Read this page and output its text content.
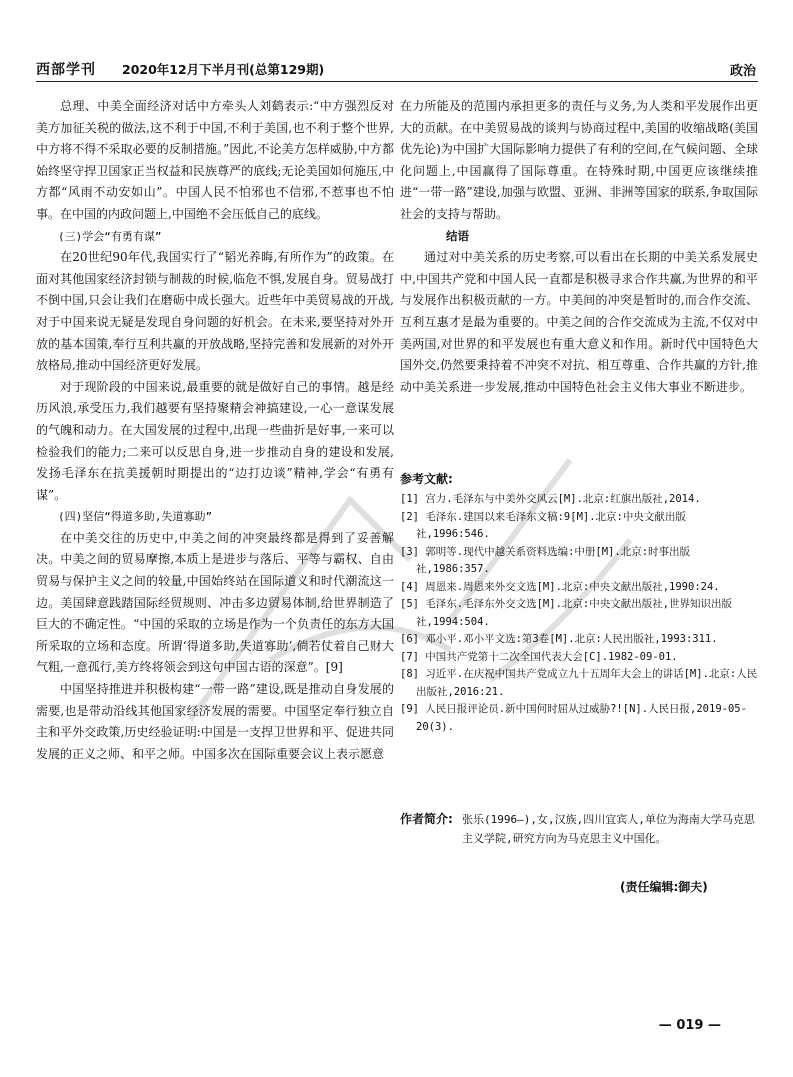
西部学刊 2020年12月下半月刊(总第129期)	政治

总理、中美全面经济对话中方牵头人刘鹤表示:“中方强烈反对美方加征关税的做法,这不利于中国,不利于美国,也不利于整个世界,中方将不得不采取必要的反制措施。”因此,不论美方怎样威胁,中方都始终坚守捍卫国家正当权益和民族尊严的底线;无论美国如何施压,中方都“风雨不动安如山”。中国人民不怕邪也不信邪,不惹事也不怕事。在中国的内政问题上,中国绝不会压低自己的底线。

(三)学会“有勇有谋”

在20世纪90年代,我国实行了“韬光养晦,有所作为”的政策。在面对其他国家经济封锁与制裁的时候,临危不惧,发展自身。贸易战打不倒中国,只会让我们在磨砺中成长强大。近些年中美贸易战的开战,对于中国来说无疑是发现自身问题的好机会。在未来,要坚持对外开放的基本国策,奉行互利共赢的开放战略,坚持完善和发展新的对外开放格局,推动中国经济更好发展。

对于现阶段的中国来说,最重要的就是做好自己的事情。越是经历风浪,承受压力,我们越要有坚持聚精会神搞建设,一心一意谋发展的气魄和动力。在大国发展的过程中,出现一些曲折是好事,一来可以检验我们的能力;二来可以反思自身,进一步推动自身的建设和发展,发扬毛泽东在抗美援朝时期提出的“边打边谈”精神,学会“有勇有谋”。

(四)坚信“得道多助,失道寡助”

在中美交往的历史中,中美之间的冲突最终都是得到了妥善解决。中美之间的贸易摩擦,本质上是进步与落后、平等与霸权、自由贸易与保护主义之间的较量,中国始终站在国际道义和时代潮流这一边。美国肆意践踏国际经贸规则、冲击多边贸易体制,给世界制造了巨大的不确定性。“中国的采取的立场是作为一个负责任的东方大国所采取的立场和态度。所谓‘得道多助,失道寡助’,倘若仗着自己财大气粗,一意孤行,美方终将领会到这句中国古语的深意”。[9]

中国坚持推进并积极构建“一带一路”建设,既是推动自身发展的需要,也是带动沿线其他国家经济发展的需要。中国坚定奉行独立自主和平外交政策,历史经验证明:中国是一支捍卫世界和平、促进共同发展的正义之师、和平之师。中国多次在国际重要会议上表示愿意

在力所能及的范围内承担更多的责任与义务,为人类和平发展作出更大的贡献。在中美贸易战的谈判与协商过程中,美国的收缩战略(美国优先论)为中国扩大国际影响力提供了有利的空间,在气候问题、全球化问题上,中国赢得了国际尊重。在特殊时期,中国更应该继续推进“一带一路”建设,加强与欧盟、亚洲、非洲等国家的联系,争取国际社会的支持与帮助。

结语

通过对中美关系的历史考察,可以看出在长期的中美关系发展史中,中国共产党和中国人民一直都是积极寻求合作共赢,为世界的和平与发展作出积极贡献的一方。中美间的冲突是暂时的,而合作交流、互利互惠才是最为重要的。中美之间的合作交流成为主流,不仅对中美两国,对世界的和平发展也有重大意义和作用。新时代中国特色大国外交,仍然要秉持着不冲突不对抗、相互尊重、合作共赢的方针,推动中美关系进一步发展,推动中国特色社会主义伟大事业不断进步。

参考文献:

[1] 宫力.毛泽东与中美外交风云[M].北京:红旗出版社,2014.

[2] 毛泽东.建国以来毛泽东文稿:9[M].北京:中央文献出版社,1996:546.

[3] 郭明等.现代中越关系资料选编:中册[M].北京:时事出版社,1986:357.

[4] 周恩来.周恩来外交文选[M].北京:中央文献出版社,1990:24.

[5] 毛泽东.毛泽东外交文选[M].北京:中央文献出版社,世界知识出版社,1994:504.

[6] 邓小平.邓小平文选:第3卷[M].北京:人民出版社,1993:311.

[7] 中国共产党第十二次全国代表大会[C].1982-09-01.

[8] 习近平.在庆祝中国共产党成立九十五周年大会上的讲话[M].北京:人民出版社,2016:21.

[9] 人民日报评论员.新中国何时屈从过威胁?![N].人民日报,2019-05-20(3).

作者简介: 张乐(1996—),女,汉族,四川宜宾人,单位为海南大学马克思主义学院,研究方向为马克思主义中国化。
(责任编辑:御夫)
— 019 —
